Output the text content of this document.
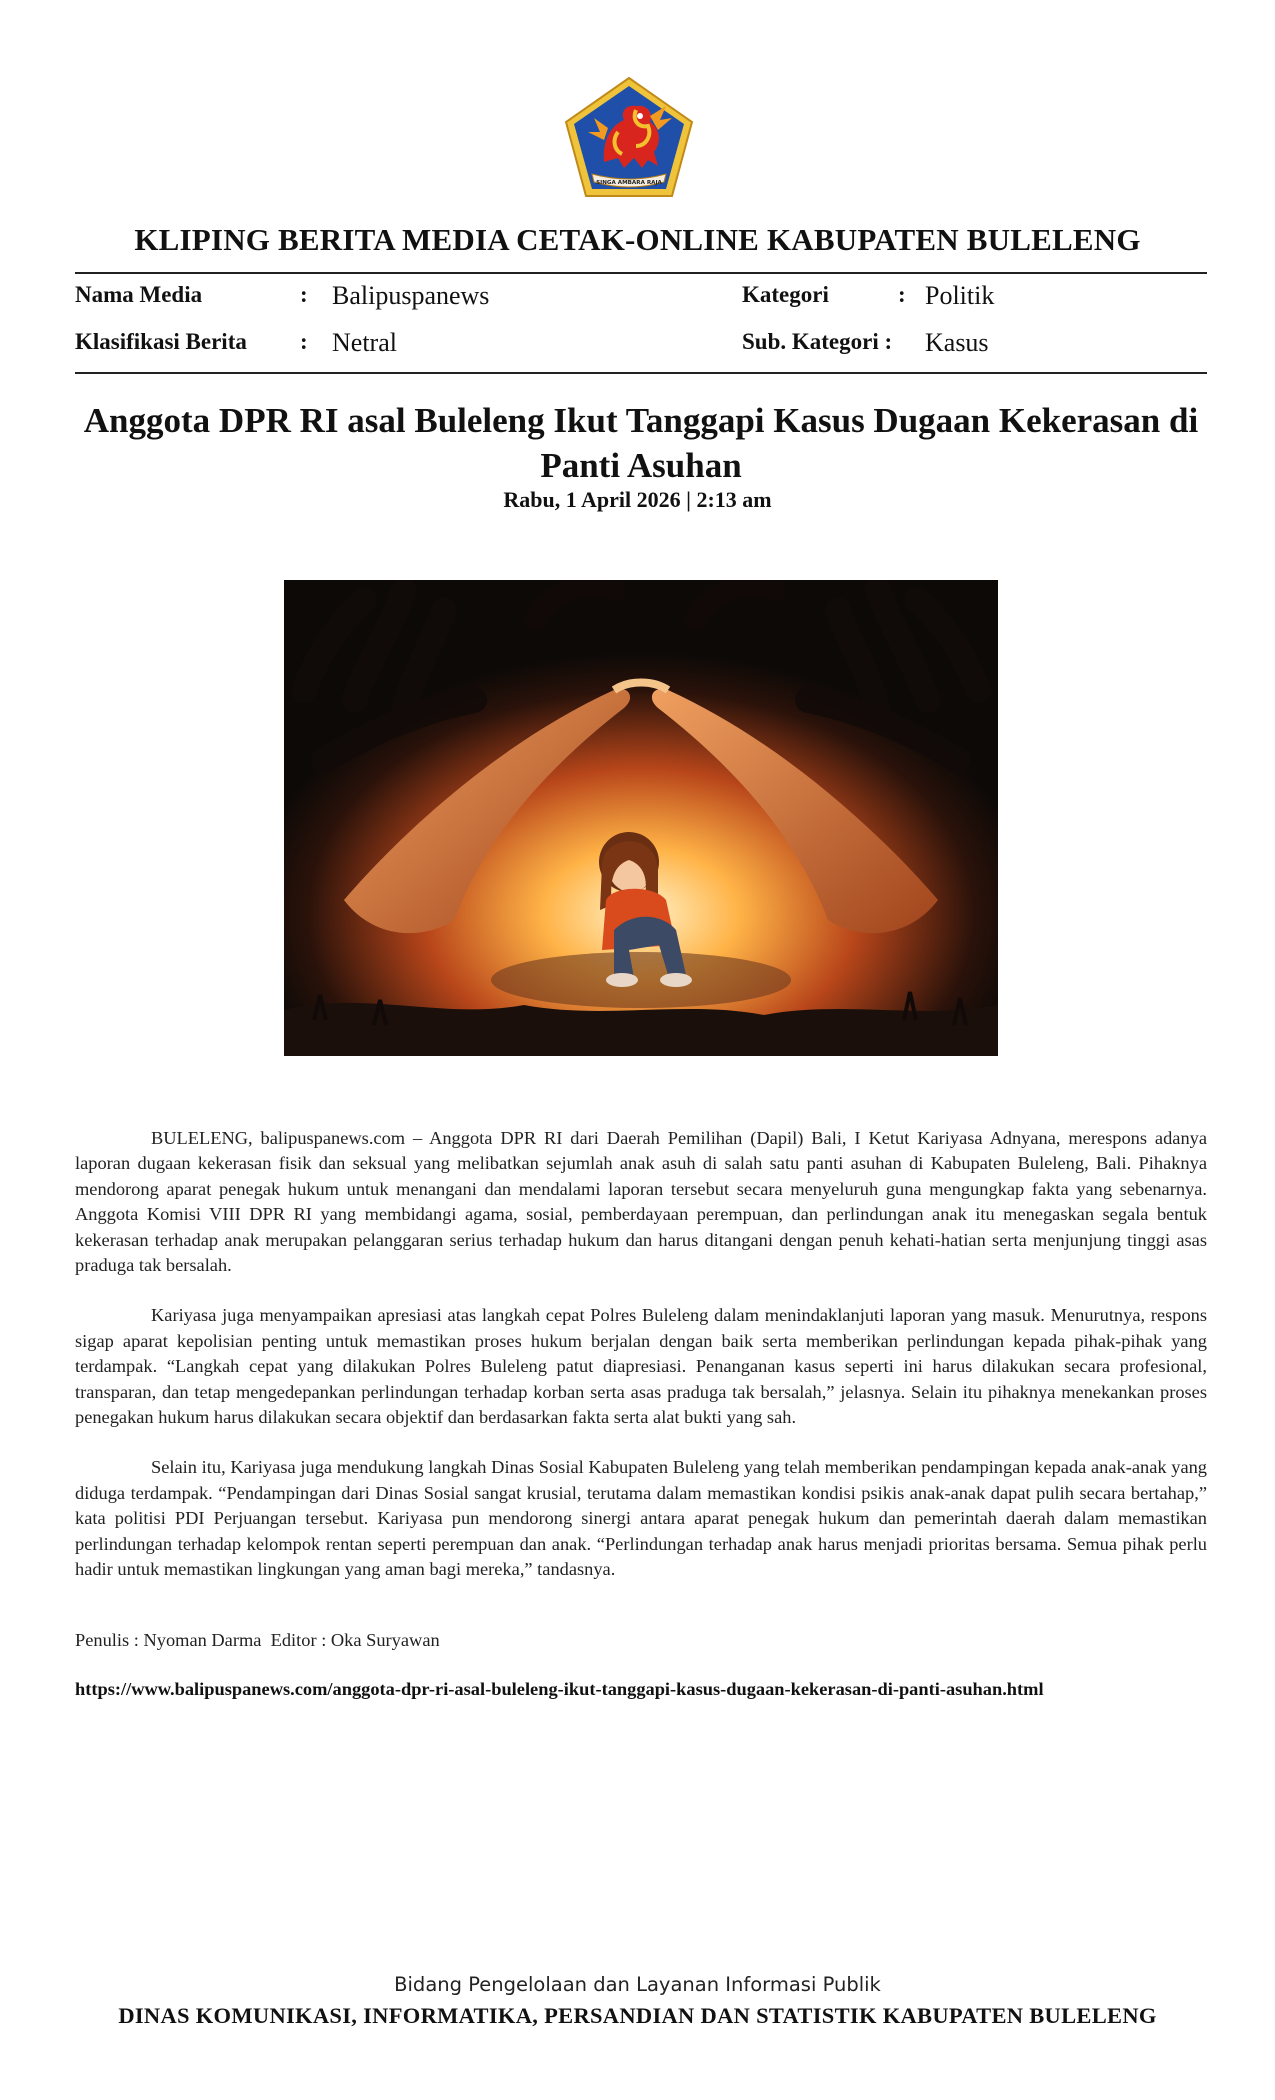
SINGA AMBARA RAJA
KLIPING BERITA MEDIA CETAK-ONLINE KABUPATEN BULELENG
Nama Media	: Balipuspanews	Kategori	: Politik
Klasifikasi Berita : Netral	Sub. Kategori : Kasus
Anggota DPR RI asal Buleleng Ikut Tanggapi Kasus Dugaan Kekerasan di Panti Asuhan
Rabu, 1 April 2026 | 2:13 am

BULELENG, balipuspanews.com – Anggota DPR RI dari Daerah Pemilihan (Dapil) Bali, I Ketut Kariyasa Adnyana, merespons adanya laporan dugaan kekerasan fisik dan seksual yang melibatkan sejumlah anak asuh di salah satu panti asuhan di Kabupaten Buleleng, Bali. Pihaknya mendorong aparat penegak hukum untuk menangani dan mendalami laporan tersebut secara menyeluruh guna mengungkap fakta yang sebenarnya. Anggota Komisi VIII DPR RI yang membidangi agama, sosial, pemberdayaan perempuan, dan perlindungan anak itu menegaskan segala bentuk kekerasan terhadap anak merupakan pelanggaran serius terhadap hukum dan harus ditangani dengan penuh kehati-hatian serta menjunjung tinggi asas praduga tak bersalah.

Kariyasa juga menyampaikan apresiasi atas langkah cepat Polres Buleleng dalam menindaklanjuti laporan yang masuk. Menurutnya, respons sigap aparat kepolisian penting untuk memastikan proses hukum berjalan dengan baik serta memberikan perlindungan kepada pihak-pihak yang terdampak. “Langkah cepat yang dilakukan Polres Buleleng patut diapresiasi. Penanganan kasus seperti ini harus dilakukan secara profesional, transparan, dan tetap mengedepankan perlindungan terhadap korban serta asas praduga tak bersalah,” jelasnya. Selain itu pihaknya menekankan proses penegakan hukum harus dilakukan secara objektif dan berdasarkan fakta serta alat bukti yang sah.

Selain itu, Kariyasa juga mendukung langkah Dinas Sosial Kabupaten Buleleng yang telah memberikan pendampingan kepada anak-anak yang diduga terdampak. “Pendampingan dari Dinas Sosial sangat krusial, terutama dalam memastikan kondisi psikis anak-anak dapat pulih secara bertahap,” kata politisi PDI Perjuangan tersebut. Kariyasa pun mendorong sinergi antara aparat penegak hukum dan pemerintah daerah dalam memastikan perlindungan terhadap kelompok rentan seperti perempuan dan anak. “Perlindungan terhadap anak harus menjadi prioritas bersama. Semua pihak perlu hadir untuk memastikan lingkungan yang aman bagi mereka,” tandasnya.

Penulis : Nyoman Darma  Editor : Oka Suryawan
https://www.balipuspanews.com/anggota-dpr-ri-asal-buleleng-ikut-tanggapi-kasus-dugaan-kekerasan-di-panti-asuhan.html
Bidang Pengelolaan dan Layanan Informasi Publik
DINAS KOMUNIKASI, INFORMATIKA, PERSANDIAN DAN STATISTIK KABUPATEN BULELENG
